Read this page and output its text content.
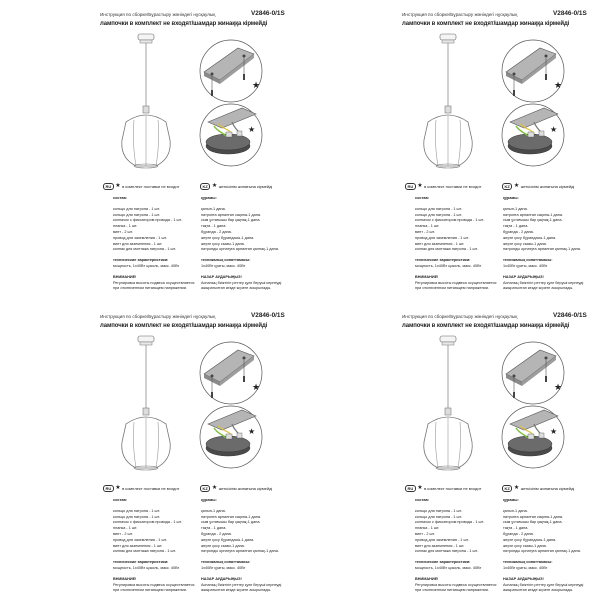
Инструкция по сборке/Бұрастыру жөніндегі нұсқаулық	V2846-0/1S
лампочки в комплект не входят/шамдар жинаққа кірмейді
★
★
RU ★ в комплект поставки не входит	KZ ★ жеткізілім жинағына кірмейді
состав:
кольцо для патрона - 1 шт.
кольцо для патрона - 1 шт.
колпачок с фиксатором провода - 1 шт.
планка - 1 шт.
винт - 2 шт.
провод для заземления - 1 шт.
винт для заземления - 1 шт.
колпак для монтажа патрона - 1 шт.
технические характеристики:
мощность, 1x40Вт цоколь, макс. 40Вт
ВНИМАНИЕ!
Регулировка высоты подвеса осуществляется
при отключенном питающем напряжении.
құрамы:
қалып-1 дана.
патронға арналған сақина-1 дана.
сым ұстағышы бар қақпақ-1 дана.
тақта - 1 дана.
бұранда - 2 дана.
жерге қосу бұрандасы-1 дана.
жерге қосу сымы-1 дана.
патронды орнатуға арналған қалпақ-1 дана.
техникалық сипаттамасы:
1x40Вт қуаты, макс. 40Вт
НАЗАР АУДАРЫҢЫЗ!
Аспаның биіктігін реттеу қуат берушi кернеуді
ажыратылған кезде жүзеге асырылады.
Инструкция по сборке/Бұрастыру жөніндегі нұсқаулық	V2846-0/1S
лампочки в комплект не входят/шамдар жинаққа кірмейді
★
★
RU ★ в комплект поставки не входит	KZ ★ жеткізілім жинағына кірмейді
состав:
кольцо для патрона - 1 шт.
кольцо для патрона - 1 шт.
колпачок с фиксатором провода - 1 шт.
планка - 1 шт.
винт - 2 шт.
провод для заземления - 1 шт.
винт для заземления - 1 шт.
колпак для монтажа патрона - 1 шт.
технические характеристики:
мощность, 1x40Вт цоколь, макс. 40Вт
ВНИМАНИЕ!
Регулировка высоты подвеса осуществляется
при отключенном питающем напряжении.
құрамы:
қалып-1 дана.
патронға арналған сақина-1 дана.
сым ұстағышы бар қақпақ-1 дана.
тақта - 1 дана.
бұранда - 2 дана.
жерге қосу бұрандасы-1 дана.
жерге қосу сымы-1 дана.
патронды орнатуға арналған қалпақ-1 дана.
техникалық сипаттамасы:
1x40Вт қуаты, макс. 40Вт
НАЗАР АУДАРЫҢЫЗ!
Аспаның биіктігін реттеу қуат берушi кернеуді
ажыратылған кезде жүзеге асырылады.
Инструкция по сборке/Бұрастыру жөніндегі нұсқаулық	V2846-0/1S
лампочки в комплект не входят/шамдар жинаққа кірмейді
★
★
RU ★ в комплект поставки не входит	KZ ★ жеткізілім жинағына кірмейді
состав:
кольцо для патрона - 1 шт.
кольцо для патрона - 1 шт.
колпачок с фиксатором провода - 1 шт.
планка - 1 шт.
винт - 2 шт.
провод для заземления - 1 шт.
винт для заземления - 1 шт.
колпак для монтажа патрона - 1 шт.
технические характеристики:
мощность, 1x40Вт цоколь, макс. 40Вт
ВНИМАНИЕ!
Регулировка высоты подвеса осуществляется
при отключенном питающем напряжении.
құрамы:
қалып-1 дана.
патронға арналған сақина-1 дана.
сым ұстағышы бар қақпақ-1 дана.
тақта - 1 дана.
бұранда - 2 дана.
жерге қосу бұрандасы-1 дана.
жерге қосу сымы-1 дана.
патронды орнатуға арналған қалпақ-1 дана.
техникалық сипаттамасы:
1x40Вт қуаты, макс. 40Вт
НАЗАР АУДАРЫҢЫЗ!
Аспаның биіктігін реттеу қуат берушi кернеуді
ажыратылған кезде жүзеге асырылады.
Инструкция по сборке/Бұрастыру жөніндегі нұсқаулық	V2846-0/1S
лампочки в комплект не входят/шамдар жинаққа кірмейді
★
★
RU ★ в комплект поставки не входит	KZ ★ жеткізілім жинағына кірмейді
состав:
кольцо для патрона - 1 шт.
кольцо для патрона - 1 шт.
колпачок с фиксатором провода - 1 шт.
планка - 1 шт.
винт - 2 шт.
провод для заземления - 1 шт.
винт для заземления - 1 шт.
колпак для монтажа патрона - 1 шт.
технические характеристики:
мощность, 1x40Вт цоколь, макс. 40Вт
ВНИМАНИЕ!
Регулировка высоты подвеса осуществляется
при отключенном питающем напряжении.
құрамы:
қалып-1 дана.
патронға арналған сақина-1 дана.
сым ұстағышы бар қақпақ-1 дана.
тақта - 1 дана.
бұранда - 2 дана.
жерге қосу бұрандасы-1 дана.
жерге қосу сымы-1 дана.
патронды орнатуға арналған қалпақ-1 дана.
техникалық сипаттамасы:
1x40Вт қуаты, макс. 40Вт
НАЗАР АУДАРЫҢЫЗ!
Аспаның биіктігін реттеу қуат берушi кернеуді
ажыратылған кезде жүзеге асырылады.
